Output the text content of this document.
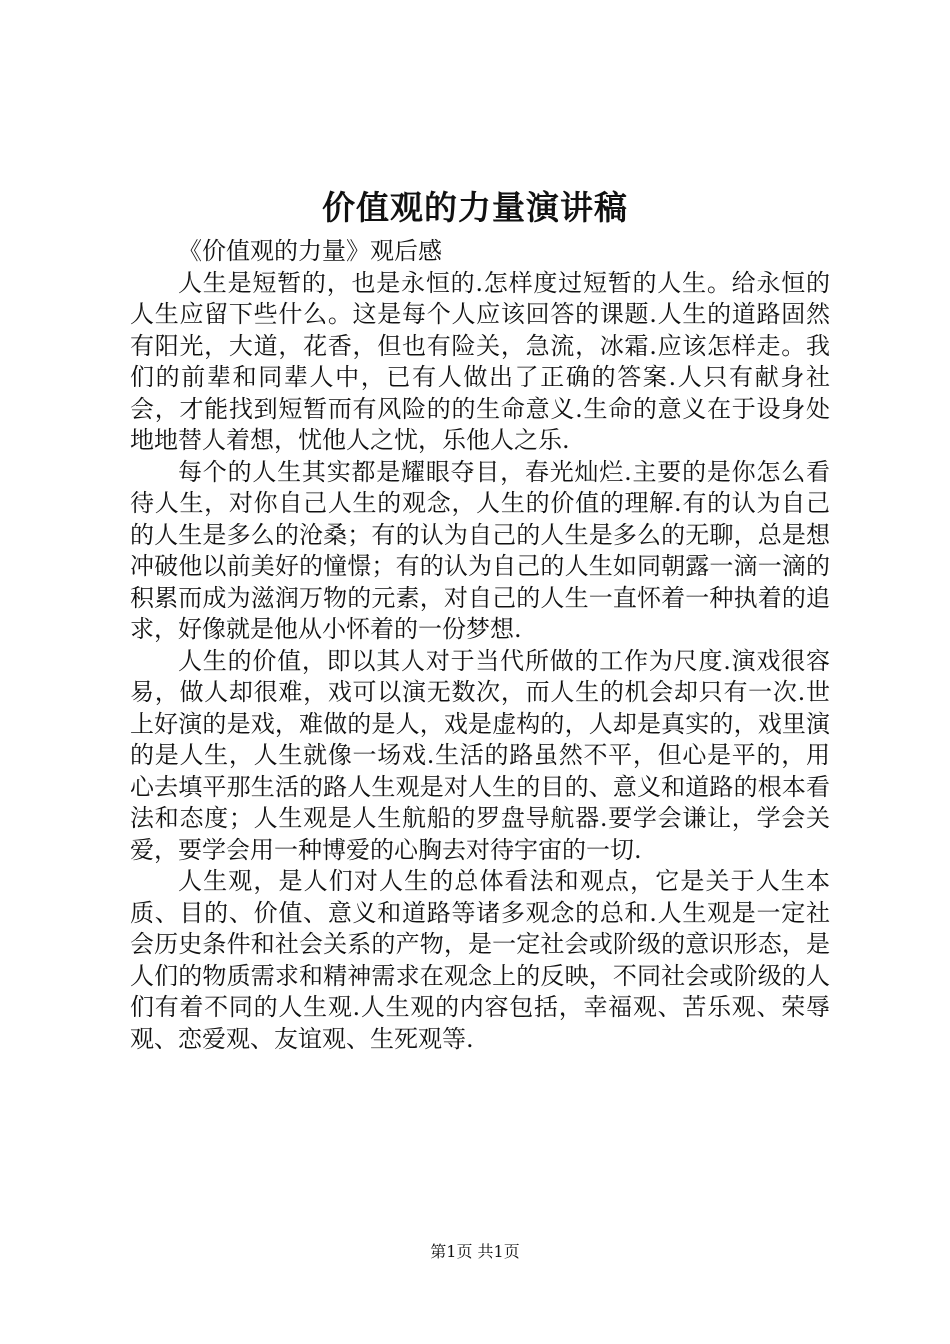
价值观的力量演讲稿

《价值观的力量》观后感

人生是短暂的，也是永恒的.怎样度过短暂的人生。给永恒的人生应留下些什么。这是每个人应该回答的课题.人生的道路固然有阳光，大道，花香，但也有险关，急流，冰霜.应该怎样走。我们的前辈和同辈人中，已有人做出了正确的答案.人只有献身社会，才能找到短暂而有风险的的生命意义.生命的意义在于设身处地地替人着想，忧他人之忧，乐他人之乐.

每个的人生其实都是耀眼夺目，春光灿烂.主要的是你怎么看待人生，对你自己人生的观念，人生的价值的理解.有的认为自己的人生是多么的沧桑；有的认为自己的人生是多么的无聊，总是想冲破他以前美好的憧憬；有的认为自己的人生如同朝露一滴一滴的积累而成为滋润万物的元素，对自己的人生一直怀着一种执着的追求，好像就是他从小怀着的一份梦想.

人生的价值，即以其人对于当代所做的工作为尺度.演戏很容易，做人却很难，戏可以演无数次，而人生的机会却只有一次.世上好演的是戏，难做的是人，戏是虚构的，人却是真实的，戏里演的是人生，人生就像一场戏.生活的路虽然不平，但心是平的，用心去填平那生活的路人生观是对人生的目的、意义和道路的根本看法和态度；人生观是人生航船的罗盘导航器.要学会谦让，学会关爱，要学会用一种博爱的心胸去对待宇宙的一切.

人生观，是人们对人生的总体看法和观点，它是关于人生本质、目的、价值、意义和道路等诸多观念的总和.人生观是一定社会历史条件和社会关系的产物，是一定社会或阶级的意识形态，是人们的物质需求和精神需求在观念上的反映，不同社会或阶级的人们有着不同的人生观.人生观的内容包括，幸福观、苦乐观、荣辱观、恋爱观、友谊观、生死观等.

第1页 共1页
